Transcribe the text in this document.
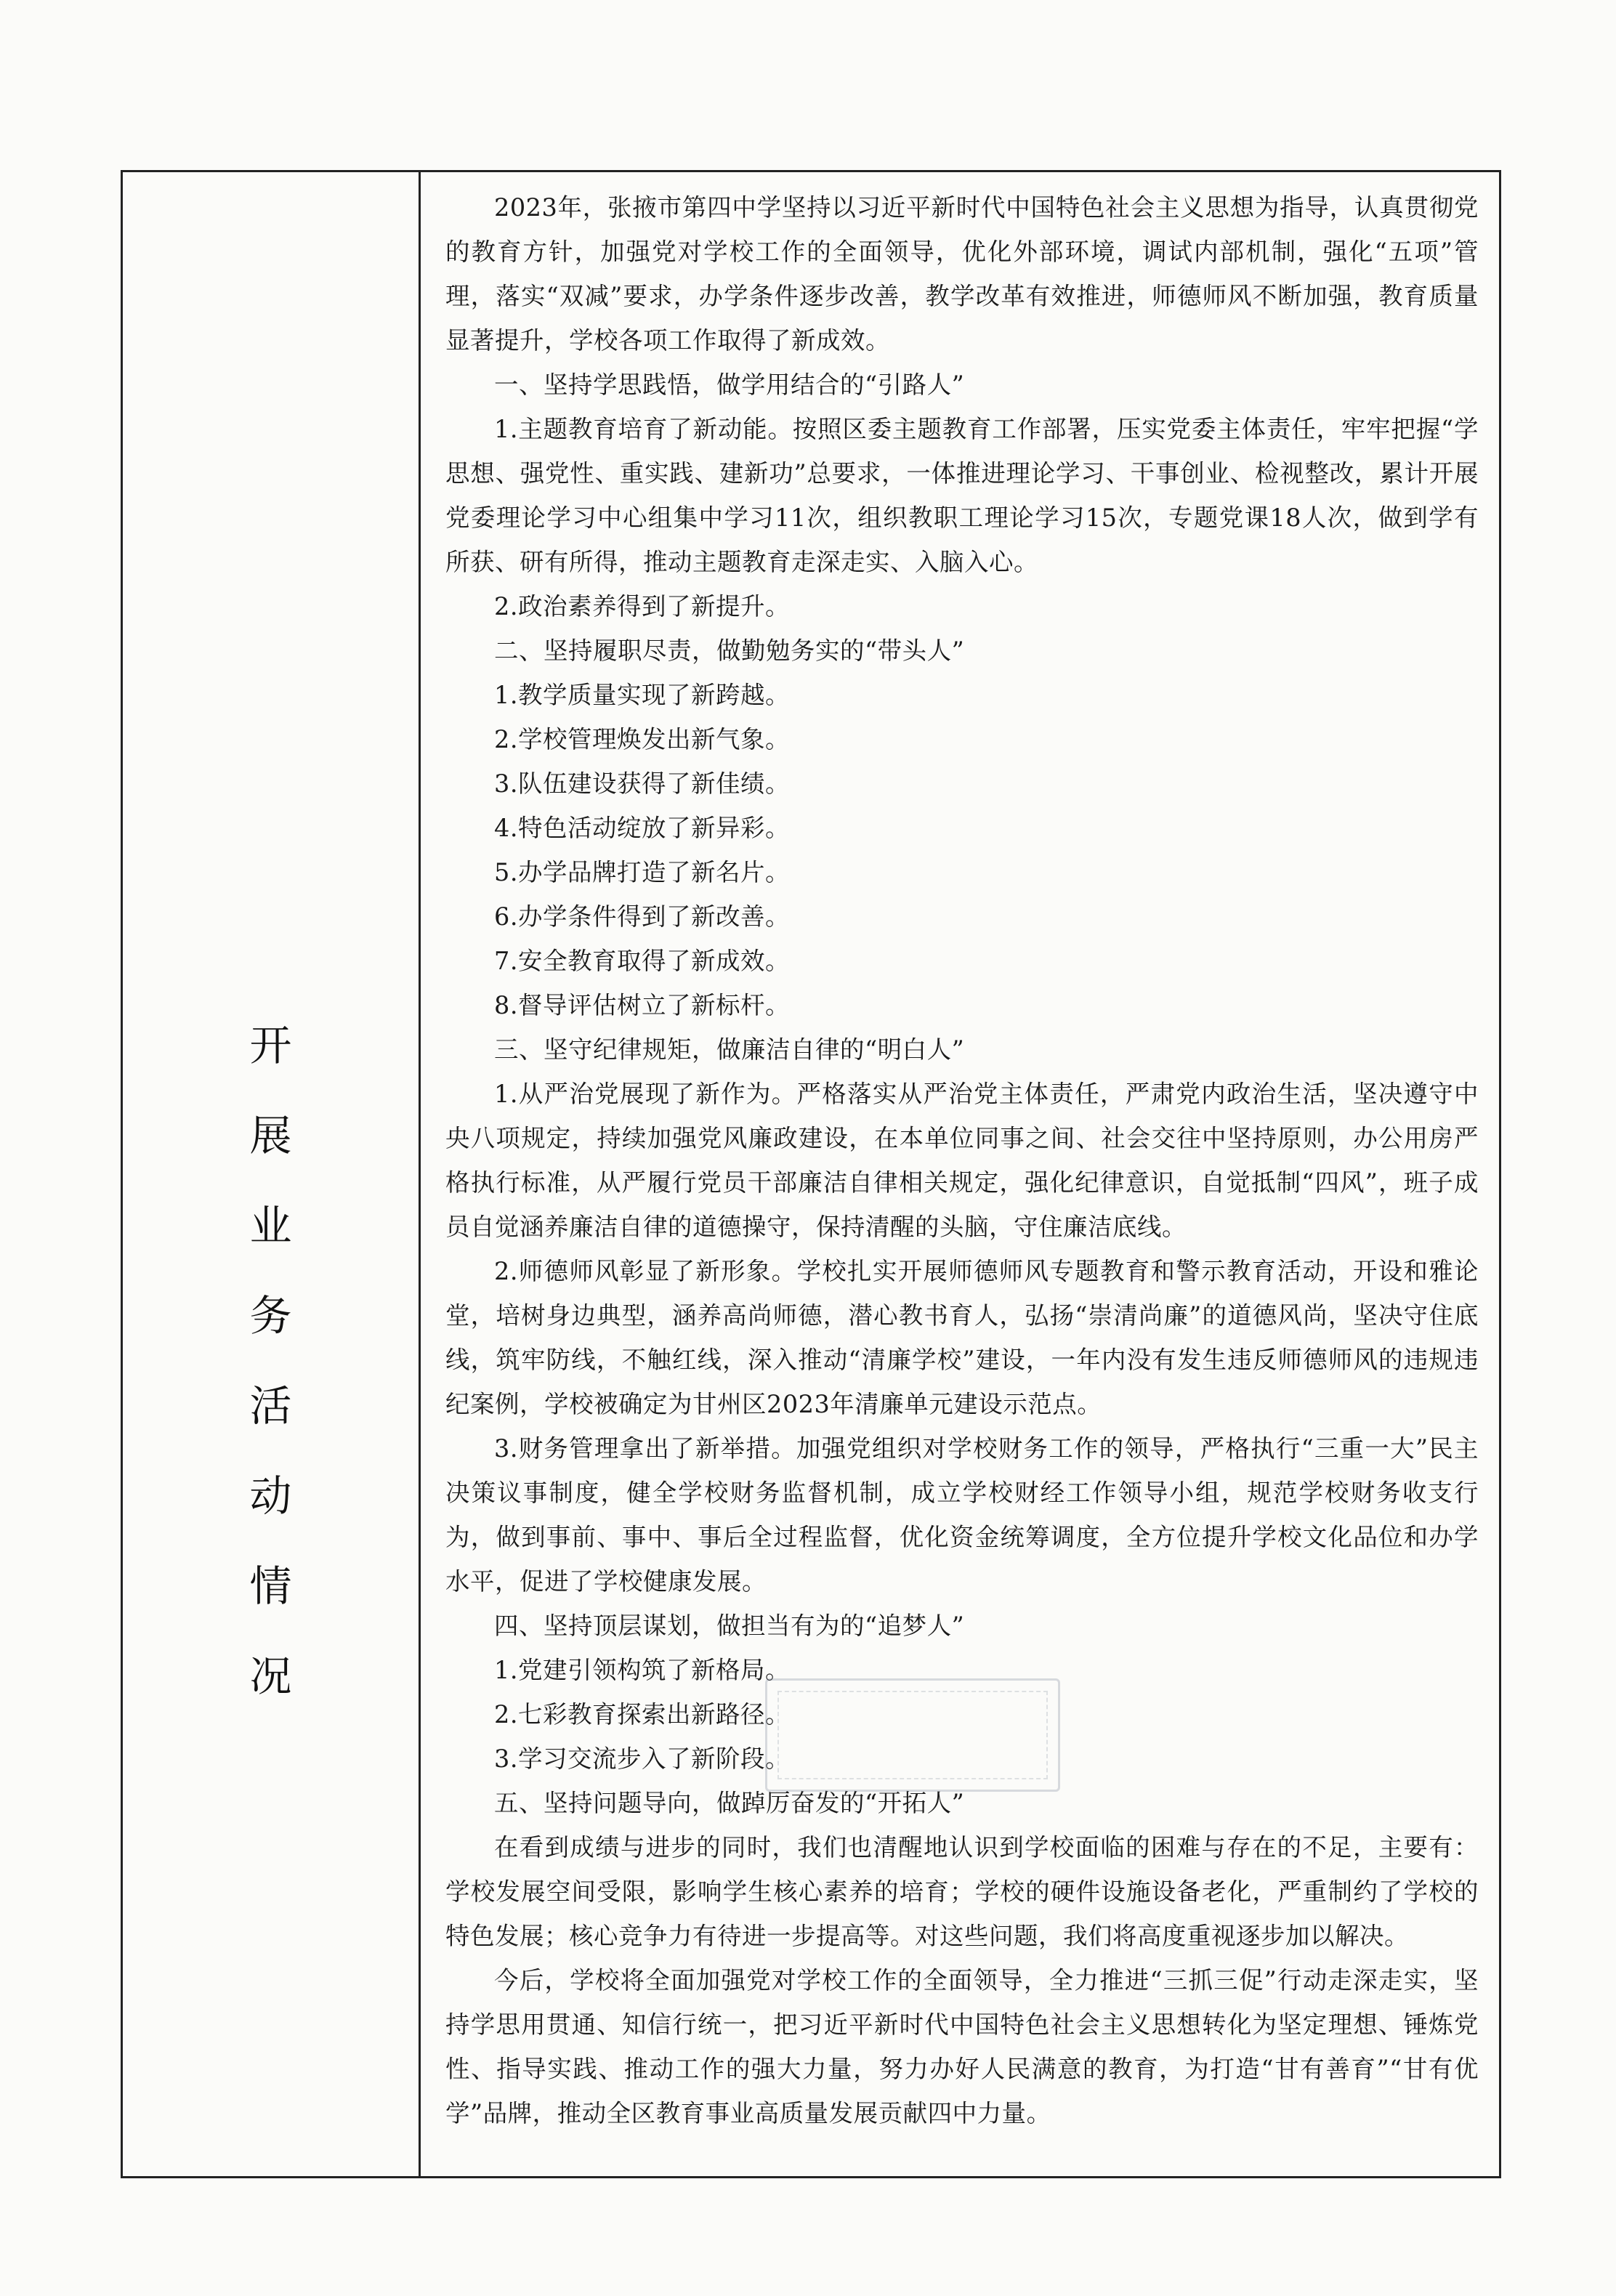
开
展
业
务
活
动
情
况

2023年，张掖市第四中学坚持以习近平新时代中国特色社会主义思想为指导，认真贯彻党的教育方针，加强党对学校工作的全面领导，优化外部环境，调试内部机制，强化“五项”管理，落实“双减”要求，办学条件逐步改善，教学改革有效推进，师德师风不断加强，教育质量显著提升，学校各项工作取得了新成效。

一、坚持学思践悟，做学用结合的“引路人”

1.主题教育培育了新动能。按照区委主题教育工作部署，压实党委主体责任，牢牢把握“学思想、强党性、重实践、建新功”总要求，一体推进理论学习、干事创业、检视整改，累计开展党委理论学习中心组集中学习11次，组织教职工理论学习15次，专题党课18人次，做到学有所获、研有所得，推动主题教育走深走实、入脑入心。

2.政治素养得到了新提升。

二、坚持履职尽责，做勤勉务实的“带头人”

1.教学质量实现了新跨越。

2.学校管理焕发出新气象。

3.队伍建设获得了新佳绩。

4.特色活动绽放了新异彩。

5.办学品牌打造了新名片。

6.办学条件得到了新改善。

7.安全教育取得了新成效。

8.督导评估树立了新标杆。

三、坚守纪律规矩，做廉洁自律的“明白人”

1.从严治党展现了新作为。严格落实从严治党主体责任，严肃党内政治生活，坚决遵守中央八项规定，持续加强党风廉政建设，在本单位同事之间、社会交往中坚持原则，办公用房严格执行标准，从严履行党员干部廉洁自律相关规定，强化纪律意识，自觉抵制“四风”，班子成员自觉涵养廉洁自律的道德操守，保持清醒的头脑，守住廉洁底线。

2.师德师风彰显了新形象。学校扎实开展师德师风专题教育和警示教育活动，开设和雅论堂，培树身边典型，涵养高尚师德，潜心教书育人，弘扬“崇清尚廉”的道德风尚，坚决守住底线，筑牢防线，不触红线，深入推动“清廉学校”建设，一年内没有发生违反师德师风的违规违纪案例，学校被确定为甘州区2023年清廉单元建设示范点。

3.财务管理拿出了新举措。加强党组织对学校财务工作的领导，严格执行“三重一大”民主决策议事制度，健全学校财务监督机制，成立学校财经工作领导小组，规范学校财务收支行为，做到事前、事中、事后全过程监督，优化资金统筹调度，全方位提升学校文化品位和办学水平，促进了学校健康发展。

四、坚持顶层谋划，做担当有为的“追梦人”

1.党建引领构筑了新格局。

2.七彩教育探索出新路径。

3.学习交流步入了新阶段。

五、坚持问题导向，做踔厉奋发的“开拓人”

在看到成绩与进步的同时，我们也清醒地认识到学校面临的困难与存在的不足，主要有：学校发展空间受限，影响学生核心素养的培育；学校的硬件设施设备老化，严重制约了学校的特色发展；核心竞争力有待进一步提高等。对这些问题，我们将高度重视逐步加以解决。

今后，学校将全面加强党对学校工作的全面领导，全力推进“三抓三促”行动走深走实，坚持学思用贯通、知信行统一，把习近平新时代中国特色社会主义思想转化为坚定理想、锤炼党性、指导实践、推动工作的强大力量，努力办好人民满意的教育，为打造“甘有善育”“甘有优学”品牌，推动全区教育事业高质量发展贡献四中力量。
